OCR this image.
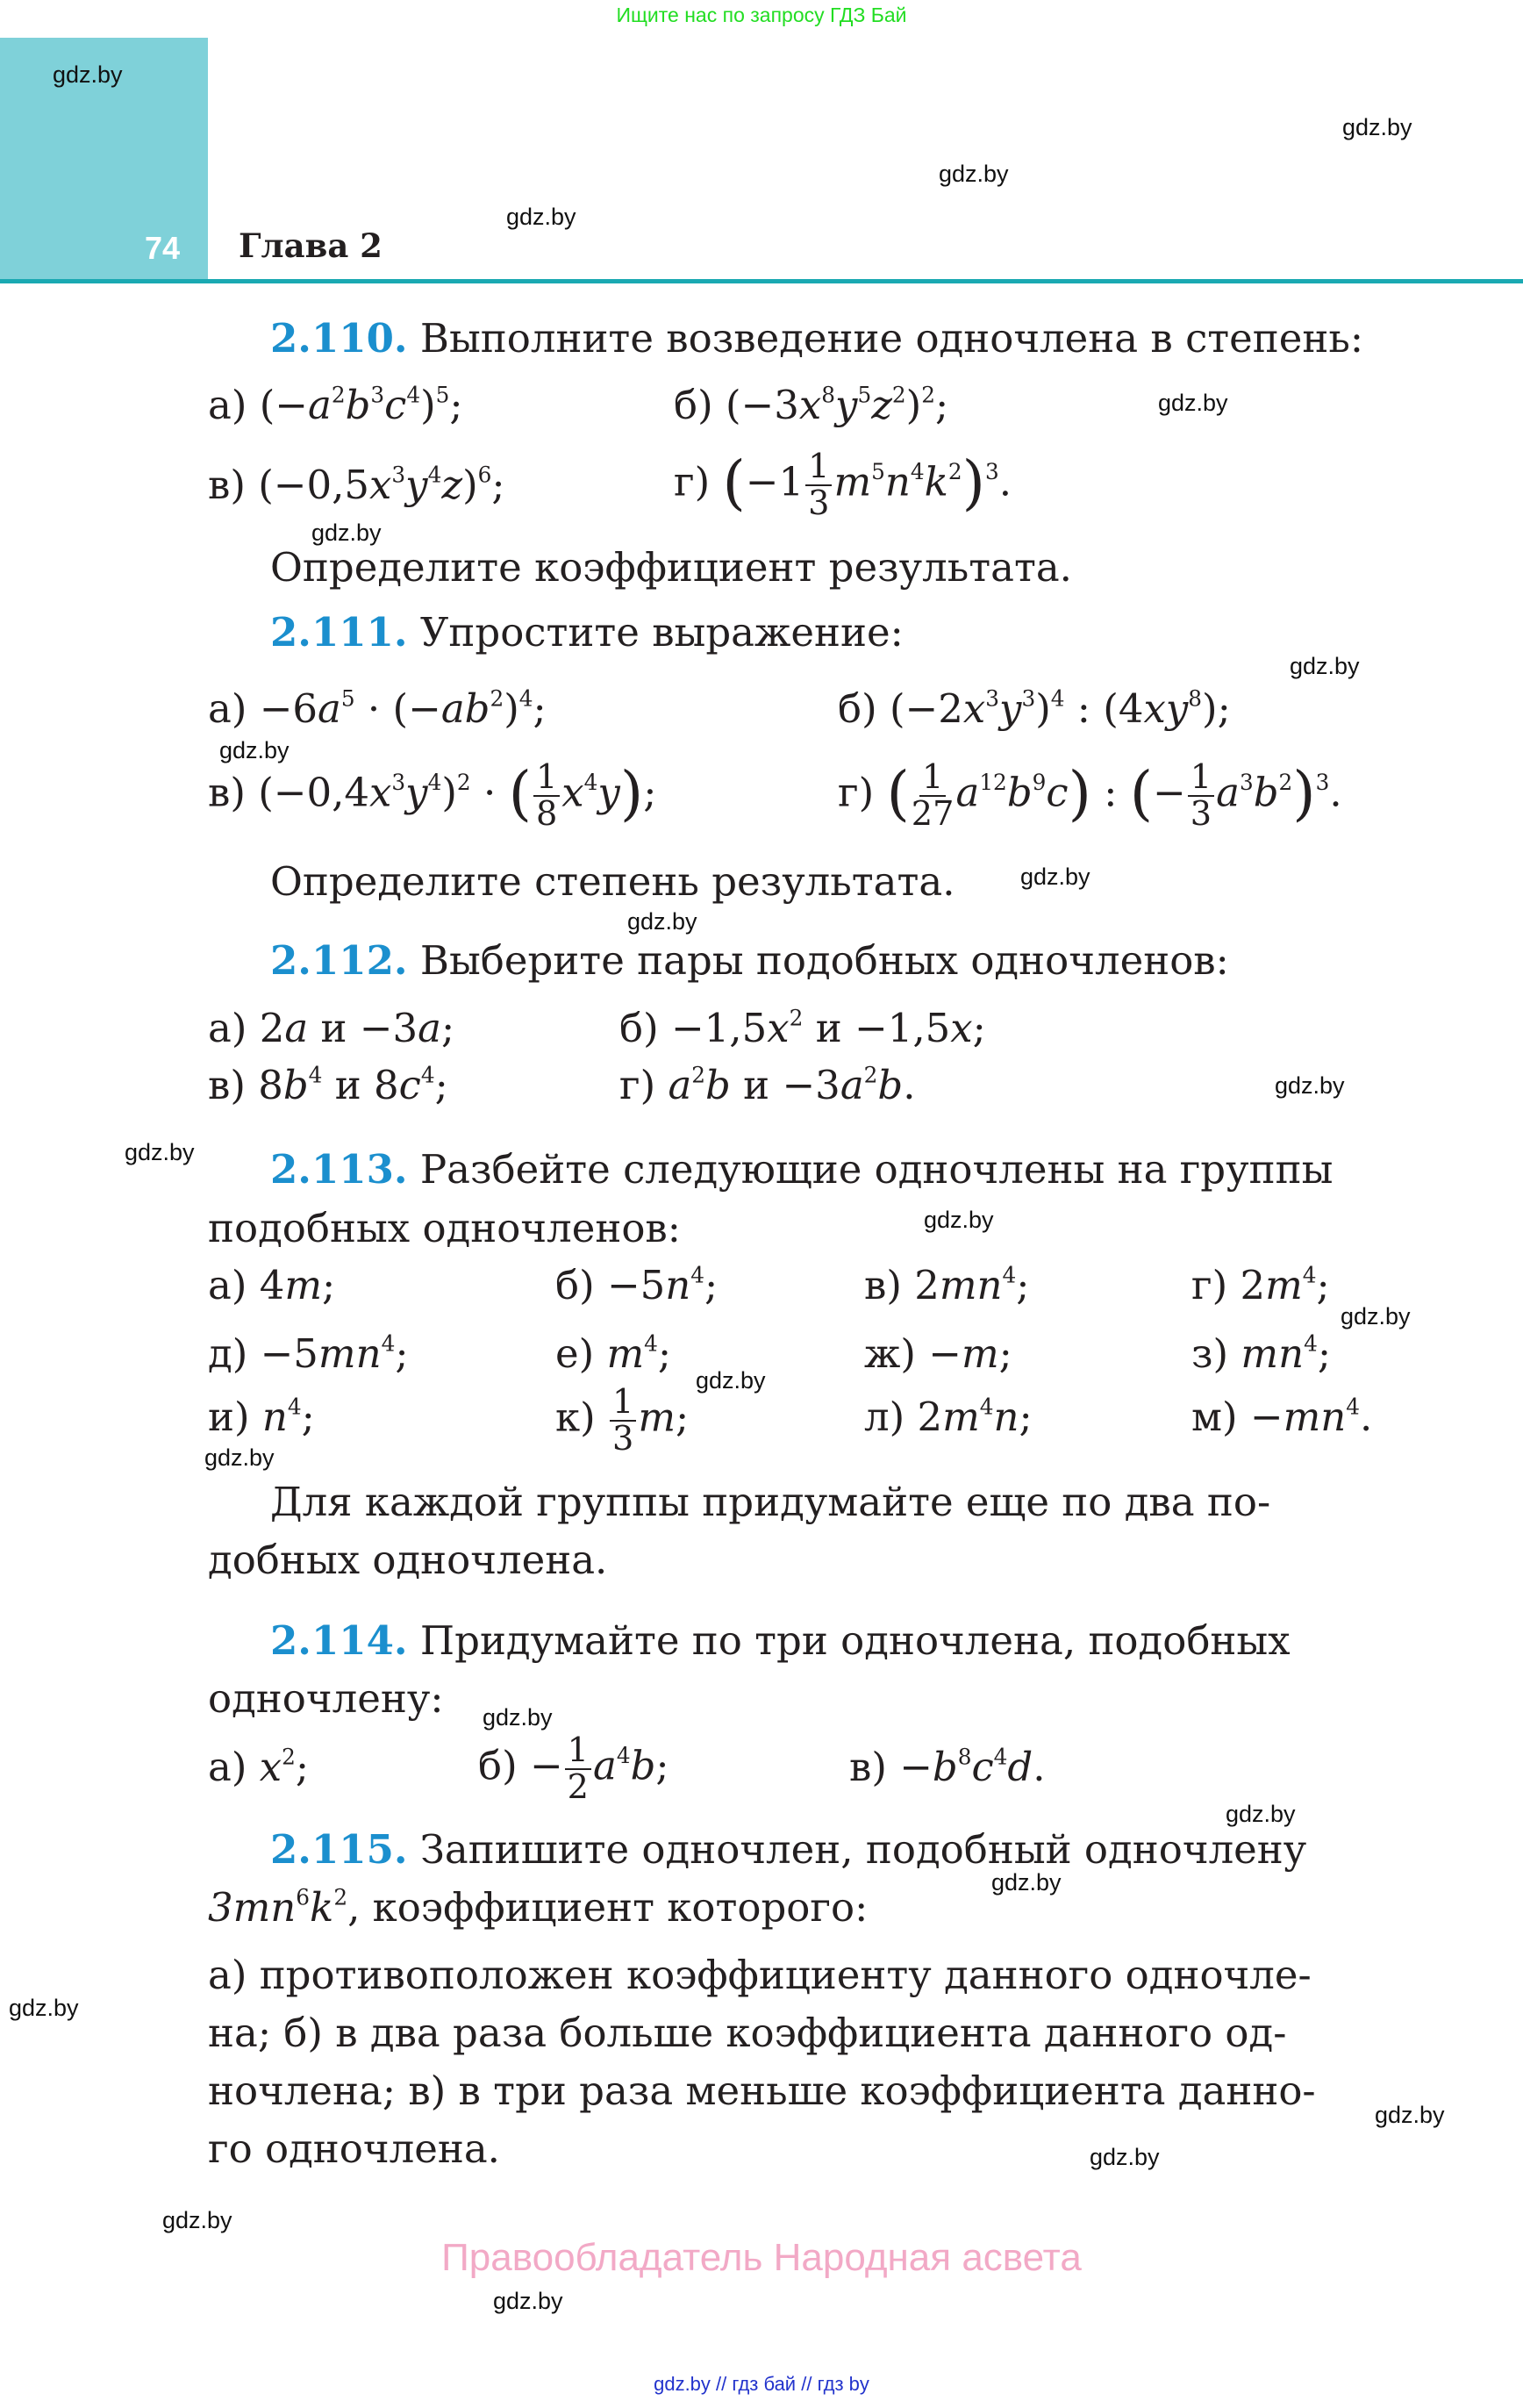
Ищите нас по запросу ГДЗ Бай
74 Глава 2
gdz.by
gdz.by
gdz.by
gdz.by
gdz.by
gdz.by
gdz.by
gdz.by
gdz.by
gdz.by
gdz.by
gdz.by
gdz.by
gdz.by
gdz.by
gdz.by
gdz.by
gdz.by
gdz.by
gdz.by
gdz.by
gdz.by
gdz.by
gdz.by
2.110. Выполните возведение одночлена в степень:
а) $(-a^2b^3c^4)^5$;	б) $(-3x^8y^5z^2)^2$;
в) $(-0,5x^3y^4z)^6$;	г) $(-1 \frac{1}{3} m^5n^4k^2)^3$.
Определите коэффициент результата.
2.111. Упростите выражение:
$а) -6a^5 \cdot (-ab^2)^4$;	б) $(-2x^3y^3)^4$ : $(4xy^8)$;
в) $(-0,4x^3y^4)^2$ · ( $\frac{1}{8} x^4y$);	г) ( $\frac{1}{27} a^{12}b^9c$) : (− $\frac{1}{3} a^3b^2)^3$.
Определите степень результата.
2.112. Выберите пары подобных одночленов:
а) 2a и −3a;	$б) -1,5x^2$ и −1,5x;
в) $8b^4$ и $8c^4$;	г) $a^2b$ $и -3a^2b$.
2.113. Разбейте следующие одночлены на группы
подобных одночленов:
а) 4m;	$б) -5n^4$;	в) $2mn^4$;	г) $2m^4$;
$д) -5mn^4$;	е) $m^4$;	ж) −m;	з) $mn^4$;
и) $n^4$;	$к) \frac{1}{3} m$;	л) $2m^4n$;	$м) -mn^4$.
Для каждой группы придумайте еще по два по-
добных одночлена.
2.114. Придумайте по три одночлена, подобных
одночлену:
а) $x^2$;	$б) - \frac{1}{2} a^4b$;	$в) -b^8c^4d$.
2.115. Запишите одночлен, подобный одночлену
$3mn^6k^2$, коэффициент которого:
а) противоположен коэффициенту данного одночле-
на; б) в два раза больше коэффициента данного од-
ночлена; в) в три раза меньше коэффициента данно-
го одночлена.
Правообладатель Народная асвета
gdz.by // гдз бай // гдз by
